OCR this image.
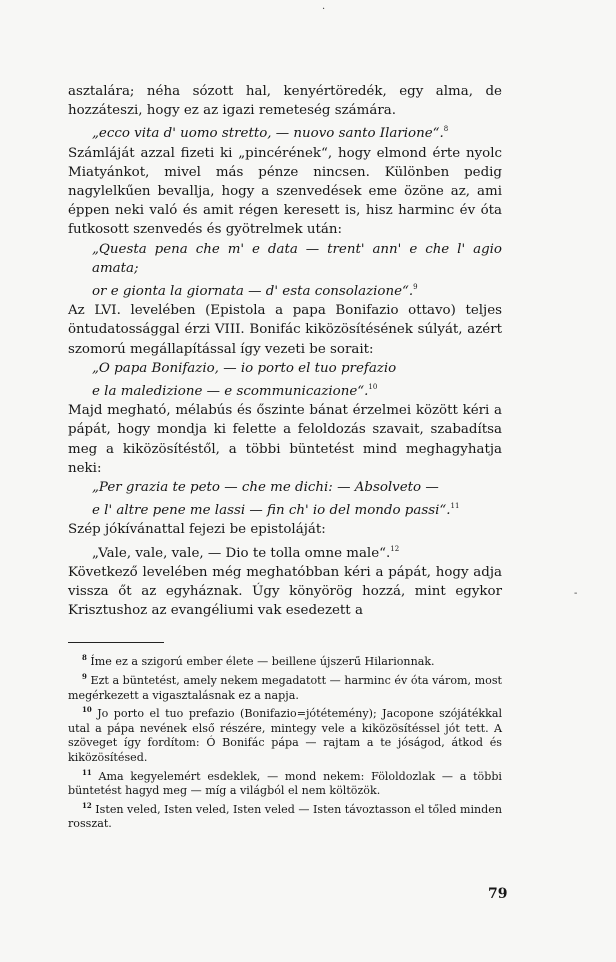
·
-

asztalára; néha sózott hal, kenyértöredék, egy alma, de hozzáteszi, hogy ez az igazi remeteség számára.

„ecco vita d' uomo stretto, — nuovo santo Ilarione“.$^8$

Számláját azzal fizeti ki „pincérének“, hogy elmond érte nyolc Miatyánkot, mivel más pénze nincsen. Különben pedig nagylelkűen bevallja, hogy a szenvedések eme özöne az, ami éppen neki való és amit régen keresett is, hisz harminc év óta futkosott szenvedés és gyötrelmek után:

„Questa pena che m' e data — trent' ann' e che l' agio amata;

or e gionta la giornata — d' esta consolazione“.$^9$

Az LVI. levelében (Epistola a papa Bonifazio ottavo) teljes öntudatossággal érzi VIII. Bonifác kiközösítésének súlyát, azért szomorú megállapítással így vezeti be sorait:

„O papa Bonifazio, — io porto el tuo prefazio

e la maledizione — e scommunicazione“.$^{10}$

Majd megható, mélabús és őszinte bánat érzelmei között kéri a pápát, hogy mondja ki felette a feloldozás szavait, szabadítsa meg a kiközösítéstől, a többi büntetést mind meghagyhatja neki:

„Per grazia te peto — che me dichi: — Absolveto —

e l' altre pene me lassi — fin ch' io del mondo passi“.$^{11}$

Szép jókívánattal fejezi be epistoláját:

„Vale, vale, vale, — Dio te tolla omne male“.$^{12}$

Következő levelében még meghatóbban kéri a pápát, hogy adja vissza őt az egyháznak. Úgy könyörög hozzá, mint egykor Krisztushoz az evangéliumi vak esedezett a

$^8$ Íme ez a szigorú ember élete — beillene újszerű Hilarionnak.

$^9$ Ezt a büntetést, amely nekem megadatott — harminc év óta várom, most megérkezett a vigasztalásnak ez a napja.

$^{10}$ Jo porto el tuo prefazio (Bonifazio=jótétemény); Jacopone szójátékkal utal a pápa nevének első részére, mintegy vele a kiközösítéssel jót tett. A szöveget így fordítom: Ó Bonifác pápa — rajtam a te jóságod, átkod és kiközösítésed.

$^{11}$ Ama kegyelemért esdeklek, — mond nekem: Föloldozlak — a többi büntetést hagyd meg — míg a világból el nem költözök.

$^{12}$ Isten veled, Isten veled, Isten veled — Isten távoztasson el tőled minden rosszat.

79
